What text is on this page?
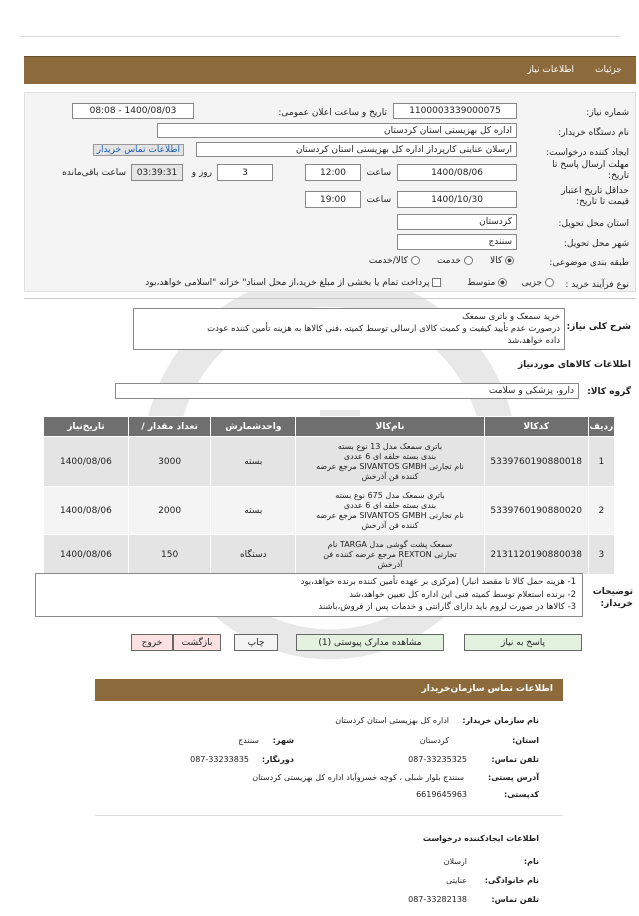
جزئیات
اطلاعات نیاز
شماره نیاز:
1100003339000075
تاریخ و ساعت اعلان عمومی:
1400/08/03 - 08:08
نام دستگاه خریدار:
اداره کل بهزیستی استان کردستان
ایجاد کننده درخواست:
ارسلان عنایتی کارپرداز اداره کل بهزیستی استان کردستان
اطلاعات تماس خریدار
مهلت ارسال پاسخ تا تاریخ:
1400/08/06
ساعت
12:00
3
روز و
03:39:31
ساعت باقی‌مانده
حداقل تاریخ اعتبار قیمت تا تاریخ:
1400/10/30
ساعت
19:00
استان محل تحویل:
کردستان
شهر محل تحویل:
سنندج
طبقه بندی موضوعی:
کالا       خدمت       کالا/خدمت
نوع فرآیند خرید :
جزیی      متوسط          پرداخت تمام یا بخشی از مبلغ خرید،از محل اسناد" خزانه "اسلامی خواهد،بود
شرح کلی نیاز:
خرید سمعک و باتری سمعک
درصورت عدم تأیید کیفیت و کمیت کالای ارسالی توسط کمیته ،فنی کالاها به هزینه تأمین کننده عودت
داده خواهد،شد
اطلاعات کالاهای موردنیاز
گروه کالا:
دارو، پزشکی و سلامت
ردیف	کدکالا	نام‌کالا	واحدشمارش	تعداد مقدار /	تاریخ‌نیاز
1	5339760190880018	باتری سمعک مدل 13 نوع بسته
بندی بسته حلقه ای 6 عددی
نام تجارتی SIVANTOS GMBH مرجع عرضه
کننده فن آذرخش	بسته	3000	1400/08/06
2	5339760190880020	باتری سمعک مدل 675 نوع بسته
بندی بسته حلقه ای 6 عددی
نام تجارتی SIVANTOS GMBH مرجع عرضه
کننده فن آذرخش	بسته	2000	1400/08/06
3	2131120190880038	سمعک پشت گوشی مدل TARGA نام
تجارتی REXTON مرجع عرضه کننده فن
آذرخش	دستگاه	150	1400/08/06
توضیحات خریدار:
1- هزینه حمل کالا تا مقصد انبار) (مرکزی بر عهده تأمین کننده برنده خواهد،بود
2- برنده استعلام توسط کمیته فنی این اداره کل تعیین خواهد،شد
3- کالاها در صورت لزوم باید دارای گارانتی و خدمات پس از فروش،باشند
پاسخ به نیاز
مشاهده مدارک پیوستی (1)
چاپ
بازگشت
خروج
اطلاعات تماس سازمان‌خریدار
نام سازمان خریدار:
اداره کل بهزیستی استان کردستان
استان:
کردستان
شهر:
سنندج
تلفن تماس:
087-33235325
دورنگار:
087-33233835
آدرس پستی:
سنندج بلوار شبلی ، کوچه خسروآباد اداره کل بهزیستی کردستان
کدپستی:
6619645963
اطلاعات ایجادکننده درخواست
نام:
ارسلان
نام خانوادگی:
عنایتی
تلفن تماس:
087-33282138
